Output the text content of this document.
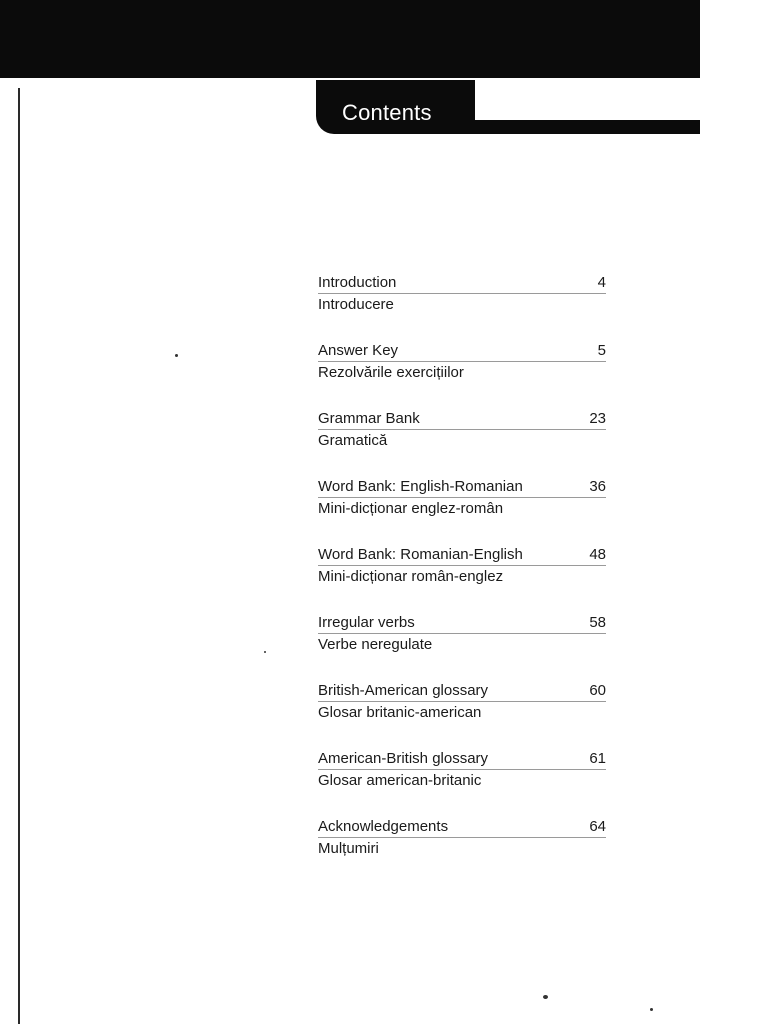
Contents
Introduction	4
Introducere
Answer Key	5
Rezolvările exercițiilor
Grammar Bank	23
Gramatică
Word Bank: English-Romanian	36
Mini-dicționar englez-român
Word Bank: Romanian-English	48
Mini-dicționar român-englez
Irregular verbs	58
Verbe neregulate
British-American glossary	60
Glosar britanic-american
American-British glossary	61
Glosar american-britanic
Acknowledgements	64
Mulțumiri
